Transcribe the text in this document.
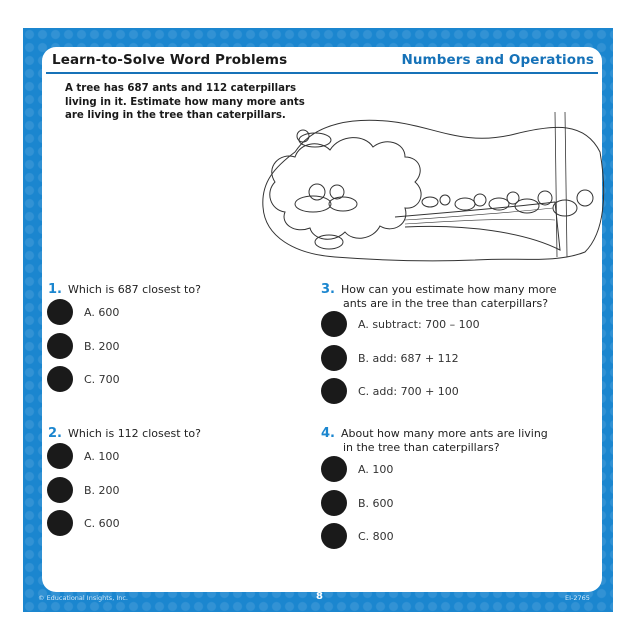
Learn-to-Solve Word Problems	Numbers and Operations
A tree has 687 ants and 112 caterpillars living in it. Estimate how many more ants are living in the tree than caterpillars.
1. Which is 687 closest to?
A. 600
B. 200
C. 700
2. Which is 112 closest to?
A. 100
B. 200
C. 600
3. How can you estimate how many more
ants are in the tree than caterpillars?
A. subtract: 700 – 100
B. add: 687 + 112
C. add: 700 + 100
4. About how many more ants are living
in the tree than caterpillars?
A. 100
B. 600
C. 800
© Educational Insights, Inc.	8	EI-2765
